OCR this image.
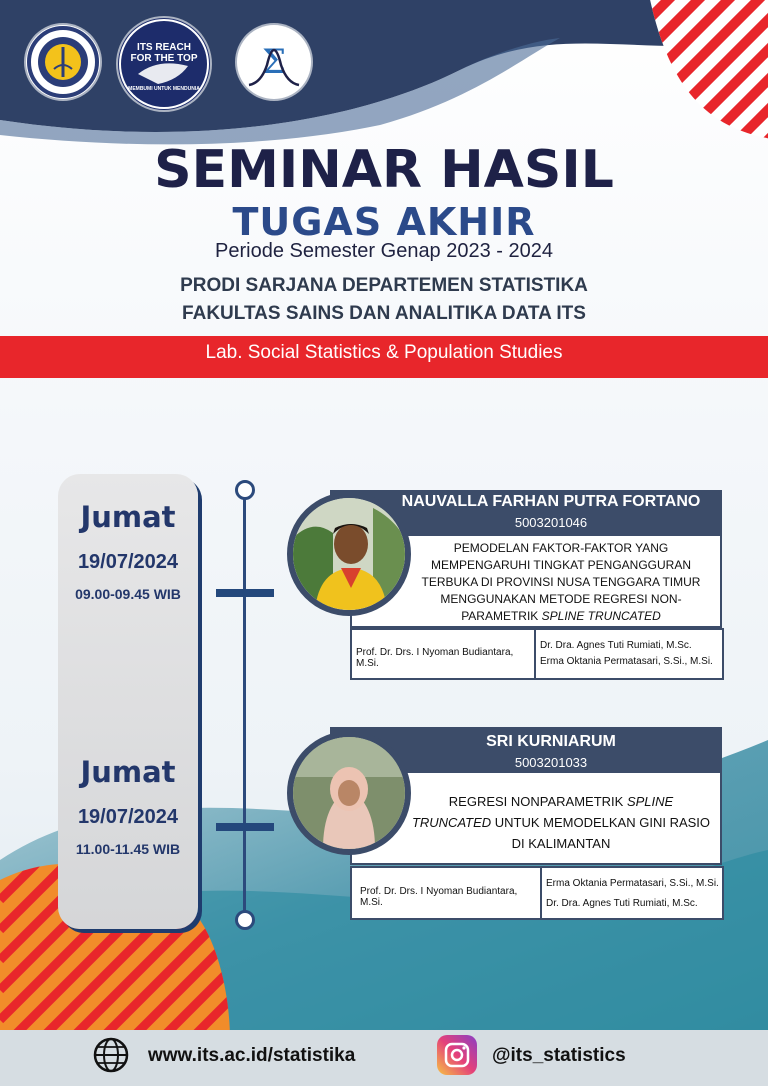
ITS REACH FOR THE TOP
MEMBUMI UNTUK MENDUNIA
Σ
SEMINAR HASIL
TUGAS AKHIR
Periode Semester Genap 2023 - 2024
PRODI SARJANA DEPARTEMEN STATISTIKA
FAKULTAS SAINS DAN ANALITIKA DATA ITS
Lab. Social Statistics & Population Studies
Jumat
19/07/2024
09.00-09.45 WIB
Jumat
19/07/2024
11.00-11.45 WIB
NAUVALLA FARHAN PUTRA FORTANO
5003201046
PEMODELAN FAKTOR-FAKTOR YANG MEMPENGARUHI TINGKAT PENGANGGURAN TERBUKA DI PROVINSI NUSA TENGGARA TIMUR MENGGUNAKAN METODE REGRESI NON-PARAMETRIK SPLINE TRUNCATED
Prof. Dr. Drs. I Nyoman Budiantara, M.Si.
Dr. Dra. Agnes Tuti Rumiati, M.Sc.
Erma Oktania Permatasari, S.Si., M.Si.
SRI KURNIARUM
5003201033
REGRESI NONPARAMETRIK SPLINE TRUNCATED UNTUK MEMODELKAN GINI RASIO DI KALIMANTAN
Prof. Dr. Drs. I Nyoman Budiantara, M.Si.
Erma Oktania Permatasari, S.Si., M.Si.
Dr. Dra. Agnes Tuti Rumiati, M.Sc.
www.its.ac.id/statistika	@its_statistics
